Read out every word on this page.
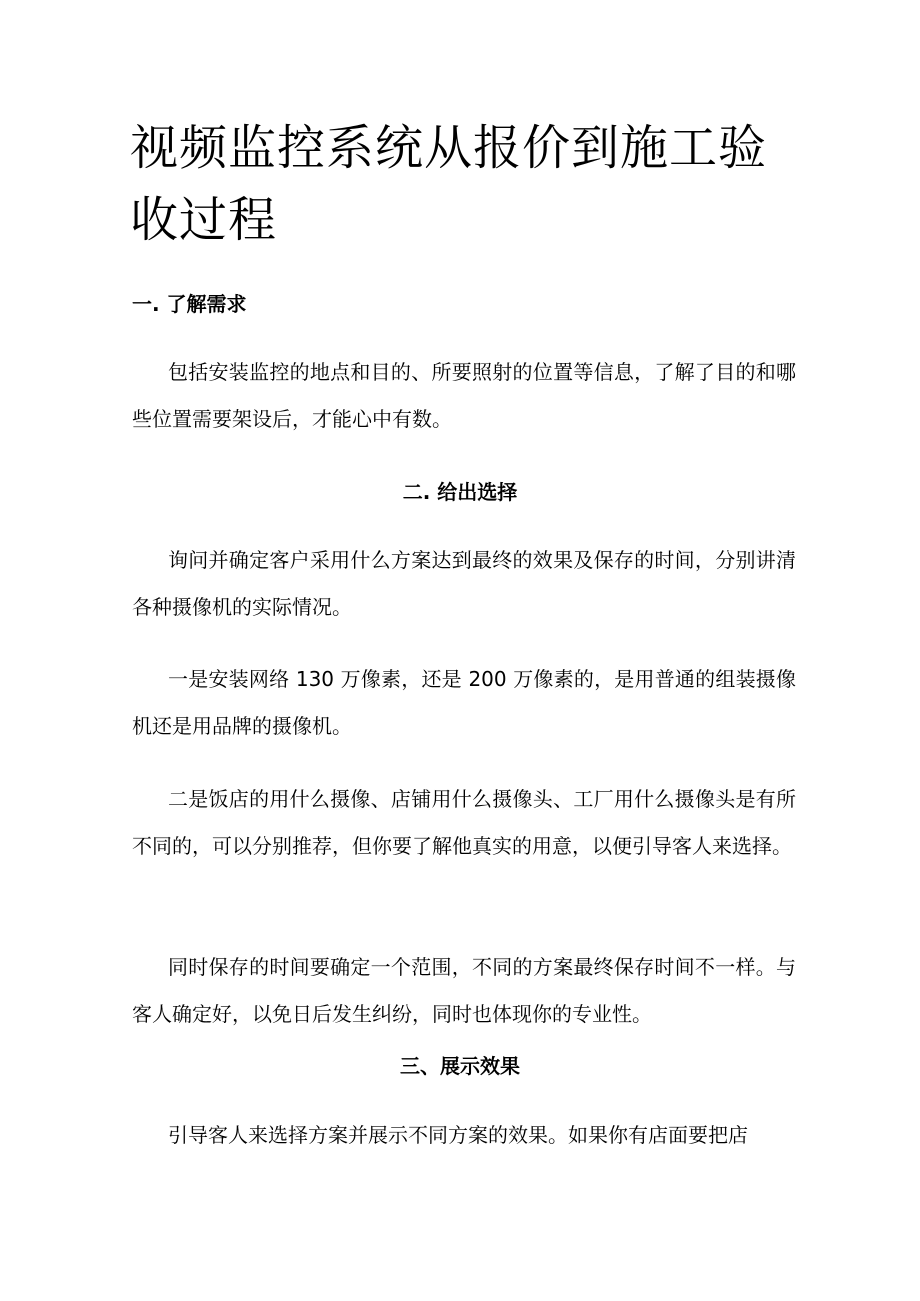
视频监控系统从报价到施工验收过程
一. 了解需求

包括安装监控的地点和目的、所要照射的位置等信息，了解了目的和哪些位置需要架设后，才能心中有数。

二. 给出选择

询问并确定客户采用什么方案达到最终的效果及保存的时间，分别讲清各种摄像机的实际情况。

一是安装网络 130 万像素，还是 200 万像素的，是用普通的组装摄像机还是用品牌的摄像机。

二是饭店的用什么摄像、店铺用什么摄像头、工厂用什么摄像头是有所不同的，可以分别推荐，但你要了解他真实的用意，以便引导客人来选择。

同时保存的时间要确定一个范围，不同的方案最终保存时间不一样。与客人确定好，以免日后发生纠纷，同时也体现你的专业性。

三、展示效果

引导客人来选择方案并展示不同方案的效果。如果你有店面要把店
